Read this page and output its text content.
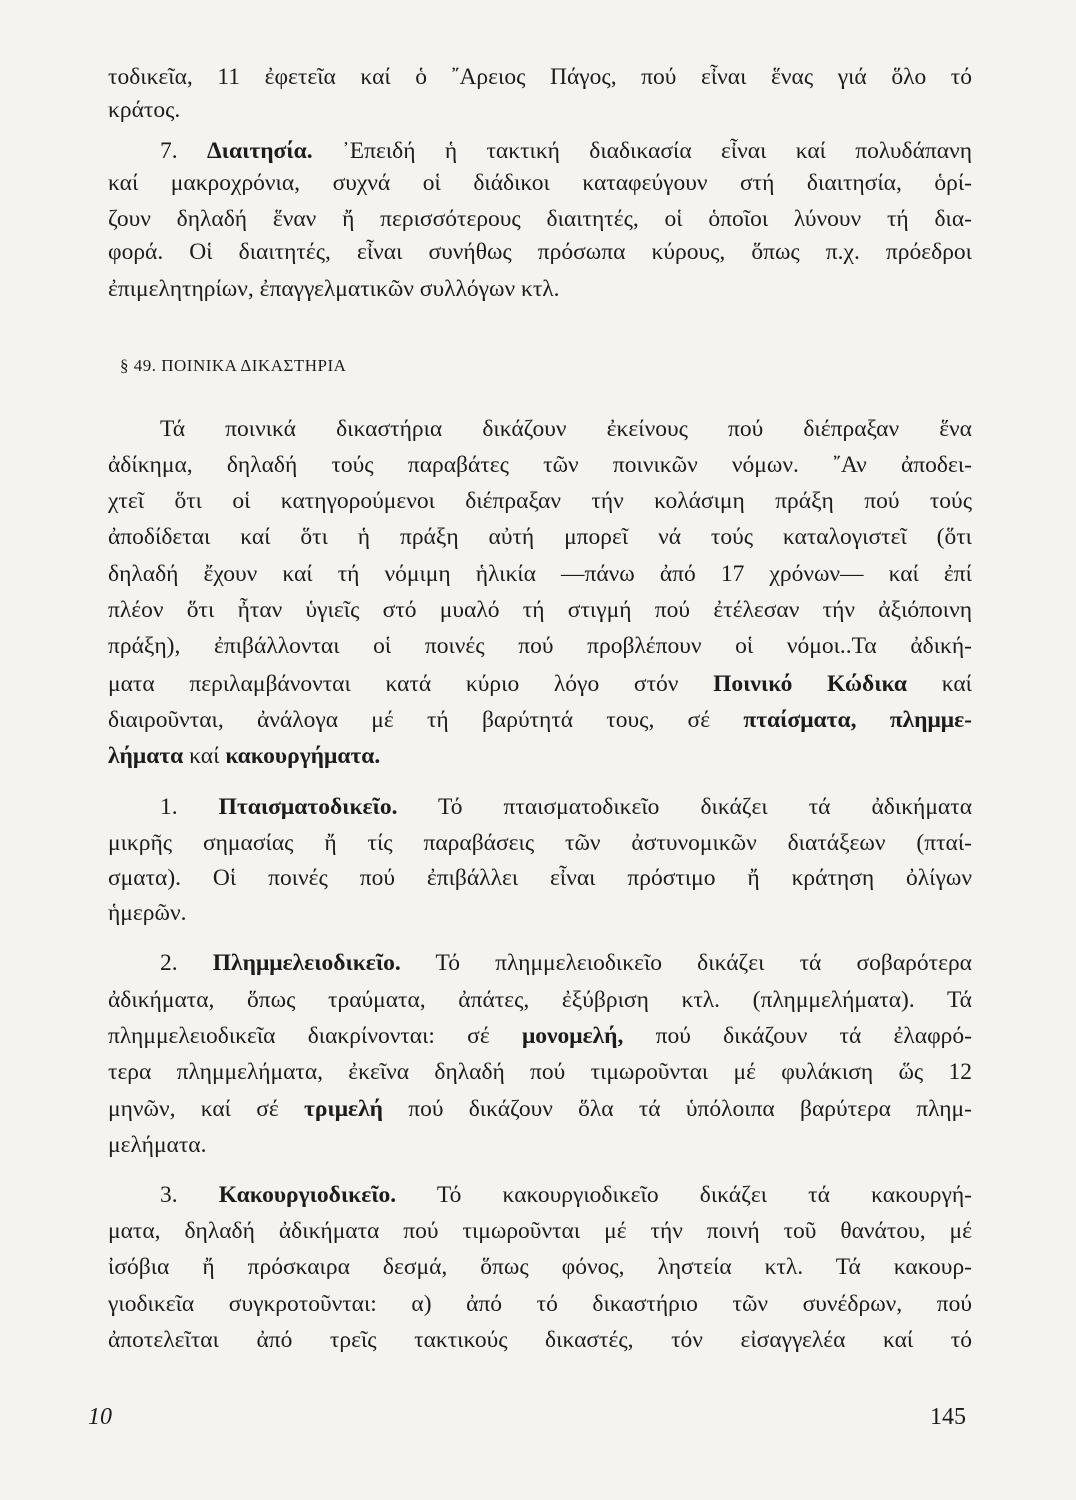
τοδικεῖα, 11 ἐφετεῖα καί ὁ ῎Αρειος Πάγος, πού εἶναι ἕνας γιά ὅλο τό
κράτος.
7. Διαιτησία. ᾿Επειδή ἡ τακτική διαδικασία εἶναι καί πολυδάπανη
καί μακροχρόνια, συχνά οἱ διάδικοι καταφεύγουν στή διαιτησία, ὁρί-
ζουν δηλαδή ἕναν ἤ περισσότερους διαιτητές, οἱ ὁποῖοι λύνουν τή δια-
φορά. Οἱ διαιτητές, εἶναι συνήθως πρόσωπα κύρους, ὅπως π.χ. πρόεδροι
ἐπιμελητηρίων, ἐπαγγελματικῶν συλλόγων κτλ.
§ 49. ΠΟΙΝΙΚΑ ΔΙΚΑΣΤΗΡΙΑ
Τά ποινικά δικαστήρια δικάζουν ἐκείνους πού διέπραξαν ἕνα
ἀδίκημα, δηλαδή τούς παραβάτες τῶν ποινικῶν νόμων. ῎Αν ἀποδει-
χτεῖ ὅτι οἱ κατηγορούμενοι διέπραξαν τήν κολάσιμη πράξη πού τούς
ἀποδίδεται καί ὅτι ἡ πράξη αὐτή μπορεῖ νά τούς καταλογιστεῖ (ὅτι
δηλαδή ἔχουν καί τή νόμιμη ἡλικία —πάνω ἀπό 17 χρόνων— καί ἐπί
πλέον ὅτι ἦταν ὑγιεῖς στό μυαλό τή στιγμή πού ἐτέλεσαν τήν ἀξιόποινη
πράξη), ἐπιβάλλονται οἱ ποινές πού προβλέπουν οἱ νόμοι..Τα ἀδική-
ματα περιλαμβάνονται κατά κύριο λόγο στόν Ποινικό Κώδικα καί
διαιροῦνται, ἀνάλογα μέ τή βαρύτητά τους, σέ πταίσματα, πλημμε-
λήματα καί κακουργήματα.
1. Πταισματοδικεῖο. Τό πταισματοδικεῖο δικάζει τά ἀδικήματα
μικρῆς σημασίας ἤ τίς παραβάσεις τῶν ἀστυνομικῶν διατάξεων (πταί-
σματα). Οἱ ποινές πού ἐπιβάλλει εἶναι πρόστιμο ἤ κράτηση ὀλίγων
ἡμερῶν.
2. Πλημμελειοδικεῖο. Τό πλημμελειοδικεῖο δικάζει τά σοβαρότερα
ἀδικήματα, ὅπως τραύματα, ἀπάτες, ἐξύβριση κτλ. (πλημμελήματα). Τά
πλημμελειοδικεῖα διακρίνονται: σέ μονομελή, πού δικάζουν τά ἐλαφρό-
τερα πλημμελήματα, ἐκεῖνα δηλαδή πού τιμωροῦνται μέ φυλάκιση ὥς 12
μηνῶν, καί σέ τριμελή πού δικάζουν ὅλα τά ὑπόλοιπα βαρύτερα πλημ-
μελήματα.
3. Κακουργιοδικεῖο. Τό κακουργιοδικεῖο δικάζει τά κακουργή-
ματα, δηλαδή ἀδικήματα πού τιμωροῦνται μέ τήν ποινή τοῦ θανάτου, μέ
ἰσόβια ἤ πρόσκαιρα δεσμά, ὅπως φόνος, ληστεία κτλ. Τά κακουρ-
γιοδικεῖα συγκροτοῦνται: α) ἀπό τό δικαστήριο τῶν συνέδρων, πού
ἀποτελεῖται ἀπό τρεῖς τακτικούς δικαστές, τόν εἰσαγγελέα καί τό
10	145
